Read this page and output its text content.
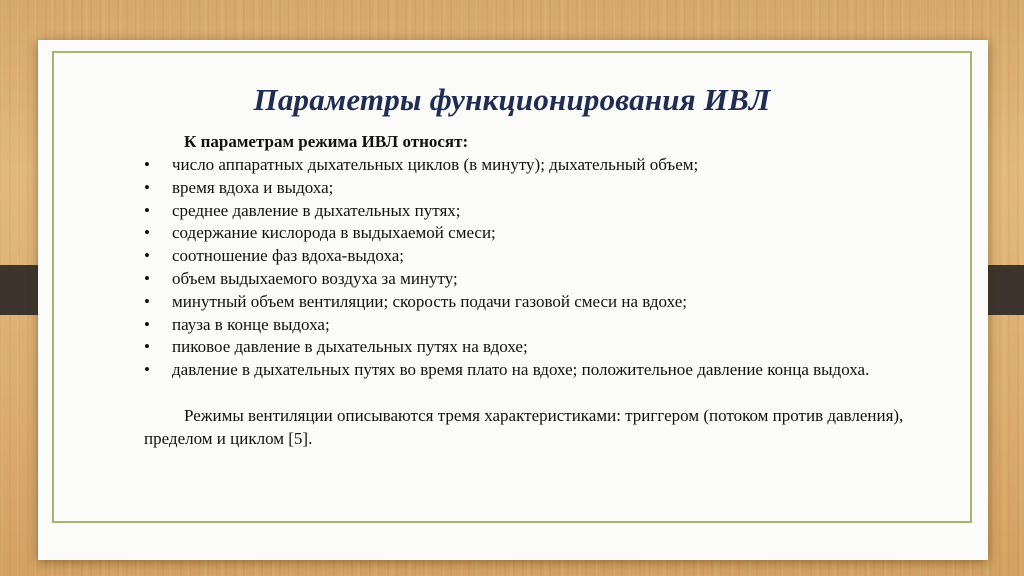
Параметры функционирования ИВЛ

К параметрам режима ИВЛ относят:

• число аппаратных дыхательных циклов (в минуту); дыхательный объем;
• время вдоха и выдоха;
• среднее давление в дыхательных путях;
• содержание кислорода в выдыхаемой смеси;
• соотношение фаз вдоха-выдоха;
• объем выдыхаемого воздуха за минуту;
• минутный объем вентиляции; скорость подачи газовой смеси на вдохе;
• пауза в конце выдоха;
• пиковое давление в дыхательных путях на вдохе;
• давление в дыхательных путях во время плато на вдохе; положительное давление конца выдоха.

Режимы вентиляции описываются тремя характеристиками: триггером (потоком против давления), пределом и циклом [5].
